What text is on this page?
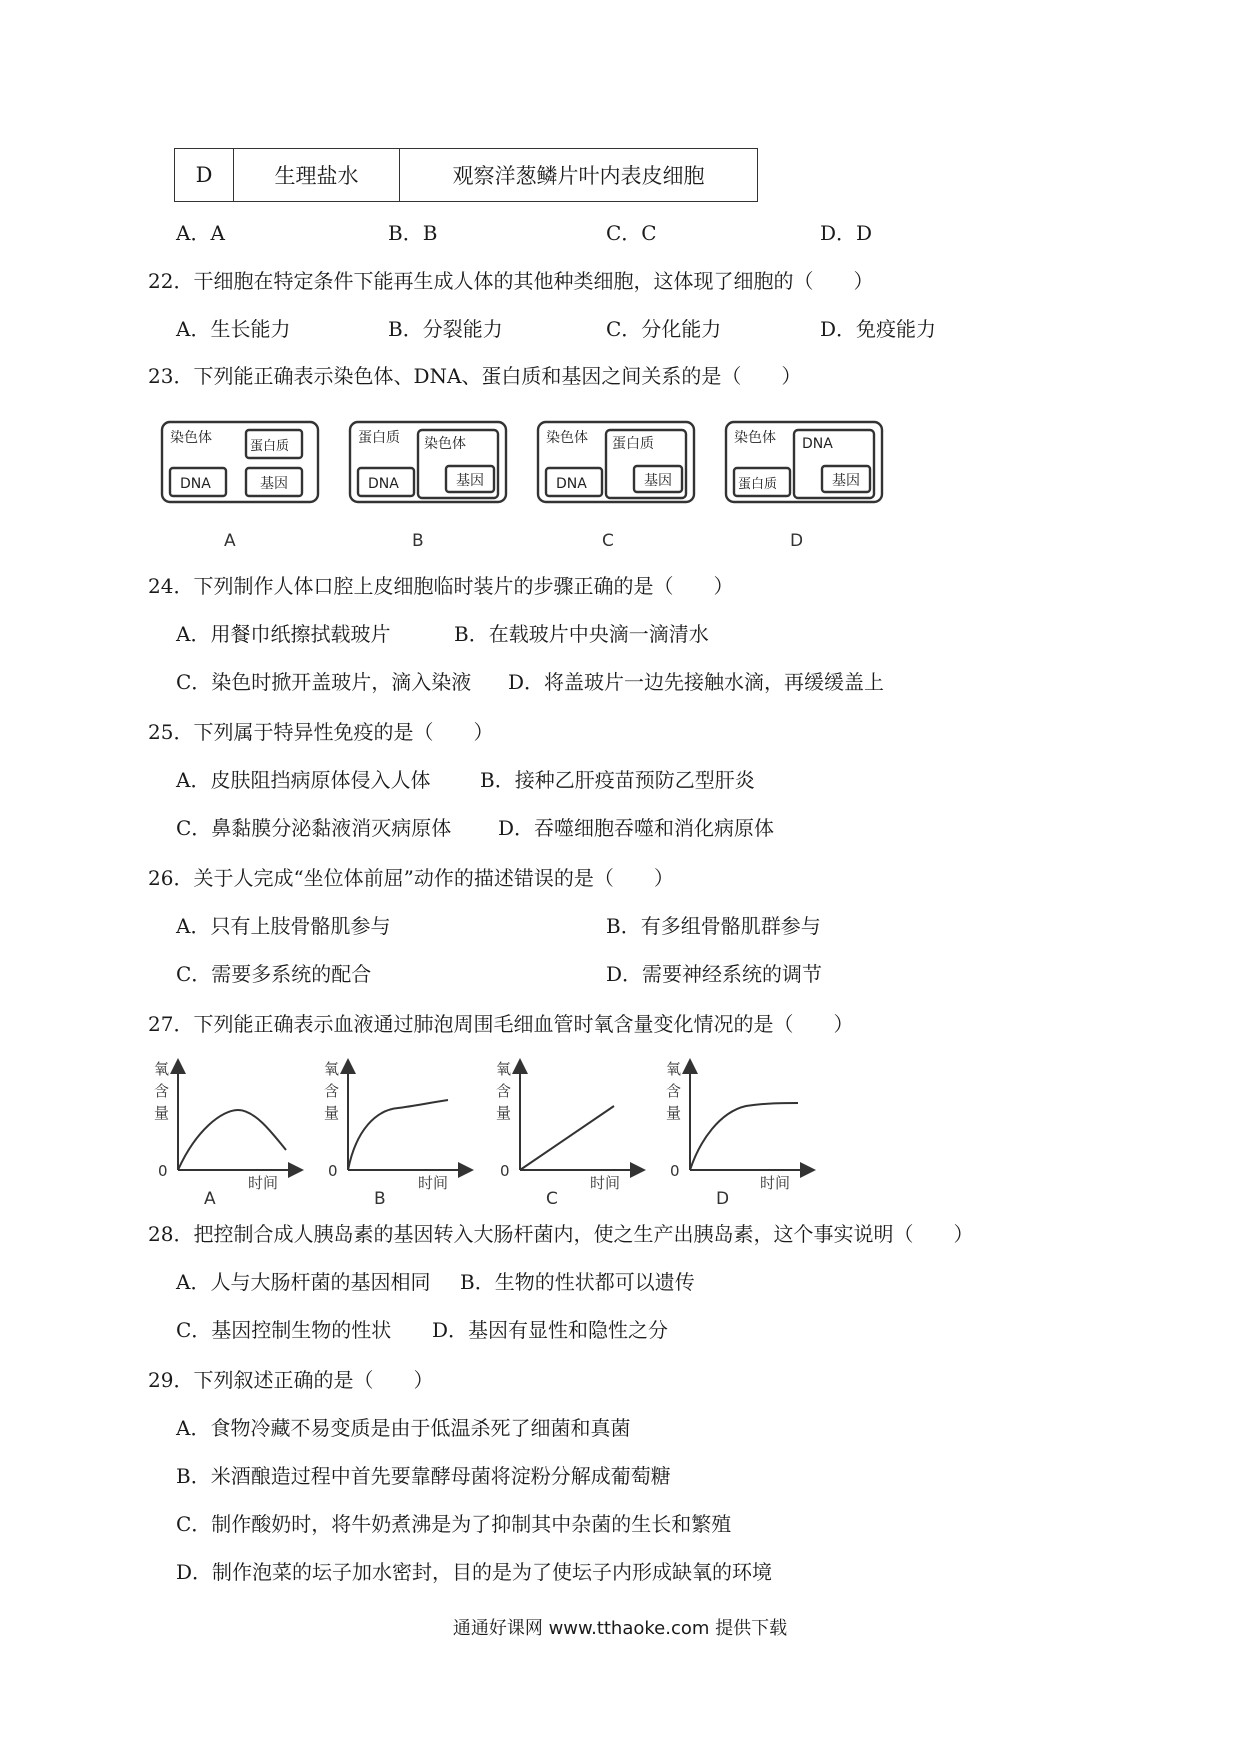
D	生理盐水	观察洋葱鳞片叶内表皮细胞
A．A	B．B	C．C	D．D
22．干细胞在特定条件下能再生成人体的其他种类细胞，这体现了细胞的（　　）
A．生长能力	B．分裂能力	C．分化能力	D．免疫能力
23．下列能正确表示染色体、DNA、蛋白质和基因之间关系的是（　　）
染色体
蛋白质
DNA	基因
蛋白质 染色体
DNA	基因
染色体 蛋白质
DNA	基因
染色体 DNA
蛋白质	基因
A	B	C	D
24．下列制作人体口腔上皮细胞临时装片的步骤正确的是（　　）
A．用餐巾纸擦拭载玻片	B．在载玻片中央滴一滴清水
C．染色时掀开盖玻片，滴入染液 D．将盖玻片一边先接触水滴，再缓缓盖上
25．下列属于特异性免疫的是（　　）
A．皮肤阻挡病原体侵入人体 B．接种乙肝疫苗预防乙型肝炎
C．鼻黏膜分泌黏液消灭病原体 D．吞噬细胞吞噬和消化病原体
26．关于人完成“坐位体前屈”动作的描述错误的是（　　）
A．只有上肢骨骼肌参与	B．有多组骨骼肌群参与
C．需要多系统的配合	D．需要神经系统的调节
27．下列能正确表示血液通过肺泡周围毛细血管时氧含量变化情况的是（　　）
氧
含
量
0
时间
A
氧
含
量
0
时间
B
氧
含
量
0
时间
C
氧
含
量
0
时间
D
28．把控制合成人胰岛素的基因转入大肠杆菌内，使之生产出胰岛素，这个事实说明（　　）
A．人与大肠杆菌的基因相同 B．生物的性状都可以遗传
C．基因控制生物的性状 D．基因有显性和隐性之分
29．下列叙述正确的是（　　）
A．食物冷藏不易变质是由于低温杀死了细菌和真菌
B．米酒酿造过程中首先要靠酵母菌将淀粉分解成葡萄糖
C．制作酸奶时，将牛奶煮沸是为了抑制其中杂菌的生长和繁殖
D．制作泡菜的坛子加水密封，目的是为了使坛子内形成缺氧的环境
通通好课网 www.tthaoke.com 提供下载
